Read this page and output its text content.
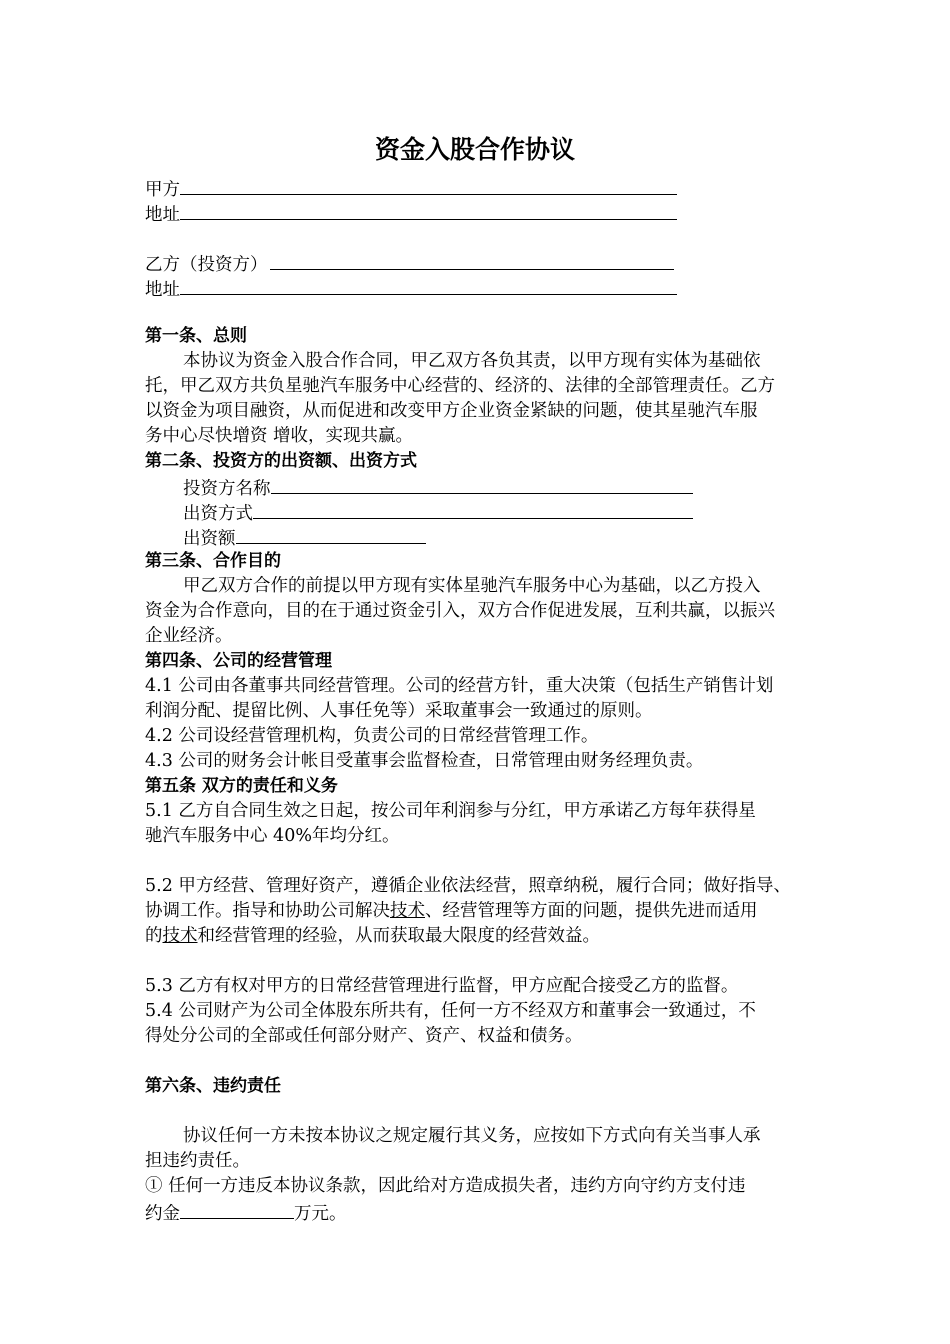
资金入股合作协议
甲方
地址
乙方（投资方）
地址
第一条、总则
本协议为资金入股合作合同，甲乙双方各负其责，以甲方现有实体为基础依
托，甲乙双方共负星驰汽车服务中心经营的、经济的、法律的全部管理责任。乙方
以资金为项目融资，从而促进和改变甲方企业资金紧缺的问题，使其星驰汽车服
务中心尽快增资 增收，实现共赢。
第二条、投资方的出资额、出资方式
投资方名称
出资方式
出资额
第三条、合作目的
甲乙双方合作的前提以甲方现有实体星驰汽车服务中心为基础，以乙方投入
资金为合作意向，目的在于通过资金引入，双方合作促进发展，互利共赢，以振兴
企业经济。
第四条、公司的经营管理
4.1 公司由各董事共同经营管理。公司的经营方针，重大决策（包括生产销售计划
利润分配、提留比例、人事任免等）采取董事会一致通过的原则。
4.2 公司设经营管理机构，负责公司的日常经营管理工作。
4.3 公司的财务会计帐目受董事会监督检查，日常管理由财务经理负责。
第五条 双方的责任和义务
5.1 乙方自合同生效之日起，按公司年利润参与分红，甲方承诺乙方每年获得星
驰汽车服务中心 40%年均分红。
5.2 甲方经营、管理好资产，遵循企业依法经营，照章纳税，履行合同；做好指导、
协调工作。指导和协助公司解决技术、经营管理等方面的问题，提供先进而适用
的技术和经营管理的经验，从而获取最大限度的经营效益。
5.3 乙方有权对甲方的日常经营管理进行监督，甲方应配合接受乙方的监督。
5.4 公司财产为公司全体股东所共有，任何一方不经双方和董事会一致通过，不
得处分公司的全部或任何部分财产、资产、权益和债务。
第六条、违约责任
协议任何一方未按本协议之规定履行其义务，应按如下方式向有关当事人承
担违约责任。
① 任何一方违反本协议条款，因此给对方造成损失者，违约方向守约方支付违
约金	万元。
